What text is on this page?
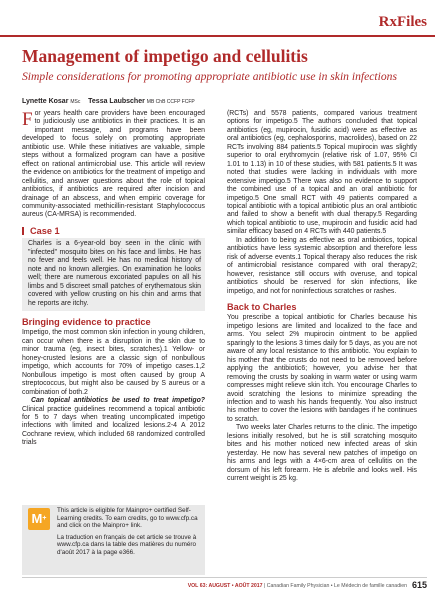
RxFiles
Management of impetigo and cellulitis
Simple considerations for promoting appropriate antibiotic use in skin infections
Lynette Kosar MSc Tessa Laubscher MB ChB CCFP FCFP

For years health care providers have been encouraged to judiciously use antibiotics in their practices. It is an important message, and programs have been developed to focus solely on promoting appropriate antibiotic use. While these initiatives are valuable, simple steps without a formalized program can have a positive effect on rational antimicrobial use. This article will review the evidence on antibiotics for the treatment of impetigo and cellulitis, and answer questions about the role of topical antibiotics, if antibiotics are required after incision and drainage of an abscess, and when empiric coverage for community-associated methicillin-resistant Staphylococcus aureus (CA-MRSA) is recommended.

Case 1

Charles is a 6-year-old boy seen in the clinic with "infected" mosquito bites on his face and limbs. He has no fever and feels well. He has no medical history of note and no known allergies. On examination he looks well; there are numerous excoriated papules on all his limbs and 5 discreet small patches of erythematous skin covered with yellow crusting on his chin and arms that he reports are itchy.

Bringing evidence to practice

Impetigo, the most common skin infection in young children, can occur when there is a disruption in the skin due to minor trauma (eg, insect bites, scratches).1 Yellow- or honey-crusted lesions are a classic sign of nonbullous impetigo, which accounts for 70% of impetigo cases.1,2 Nonbullous impetigo is most often caused by group A streptococcus, but might also be caused by S aureus or a combination of both.2

Can topical antibiotics be used to treat impetigo? Clinical practice guidelines recommend a topical antibiotic for 5 to 7 days when treating uncomplicated impetigo infections with limited and localized lesions.2-4 A 2012 Cochrane review, which included 68 randomized controlled trials

(RCTs) and 5578 patients, compared various treatment options for impetigo.5 The authors concluded that topical antibiotics (eg, mupirocin, fusidic acid) were as effective as oral antibiotics (eg, cephalosporins, macrolides), based on 22 RCTs involving 884 patients.5 Topical mupirocin was slightly superior to oral erythromycin (relative risk of 1.07, 95% CI 1.01 to 1.13) in 10 of these studies, with 581 patients.5 It was noted that studies were lacking in individuals with more extensive impetigo.5 There was also no evidence to support the combined use of a topical and an oral antibiotic for impetigo.5 One small RCT with 49 patients compared a topical antibiotic with a topical antibiotic plus an oral antibiotic and failed to show a benefit with dual therapy.5 Regarding which topical antibiotic to use, mupirocin and fusidic acid had similar efficacy based on 4 RCTs with 440 patients.5

In addition to being as effective as oral antibiotics, topical antibiotics have less systemic absorption and therefore less risk of adverse events.1 Topical therapy also reduces the risk of antimicrobial resistance compared with oral therapy2; however, resistance still occurs with overuse, and topical antibiotics should be reserved for skin infections, like impetigo, and not for noninfectious scratches or rashes.

Back to Charles

You prescribe a topical antibiotic for Charles because his impetigo lesions are limited and localized to the face and arms. You select 2% mupirocin ointment to be applied sparingly to the lesions 3 times daily for 5 days, as you are not aware of any local resistance to this antibiotic. You explain to his mother that the crusts do not need to be removed before applying the antibiotic6; however, you advise her that removing the crusts by soaking in warm water or using warm compresses might relieve skin itch. You encourage Charles to avoid scratching the lesions to minimize spreading the infection and to wash his hands frequently. You also instruct his mother to cover the lesions with bandages if he continues to scratch.

Two weeks later Charles returns to the clinic. The impetigo lesions initially resolved, but he is still scratching mosquito bites and his mother noticed new infected areas of skin yesterday. He now has several new patches of impetigo on his arms and legs with a 4×6-cm area of cellulitis on the dorsum of his left forearm. He is afebrile and looks well. His current weight is 25 kg.

M+

This article is eligible for Mainpro+ certified Self-Learning credits. To earn credits, go to www.cfp.ca and click on the Mainpro+ link.

La traduction en français de cet article se trouve à www.cfp.ca dans la table des matières du numéro d'août 2017 à la page e366.

VOL 63: AUGUST • AOÛT 2017 | Canadian Family Physician • Le Médecin de famille canadien 615
